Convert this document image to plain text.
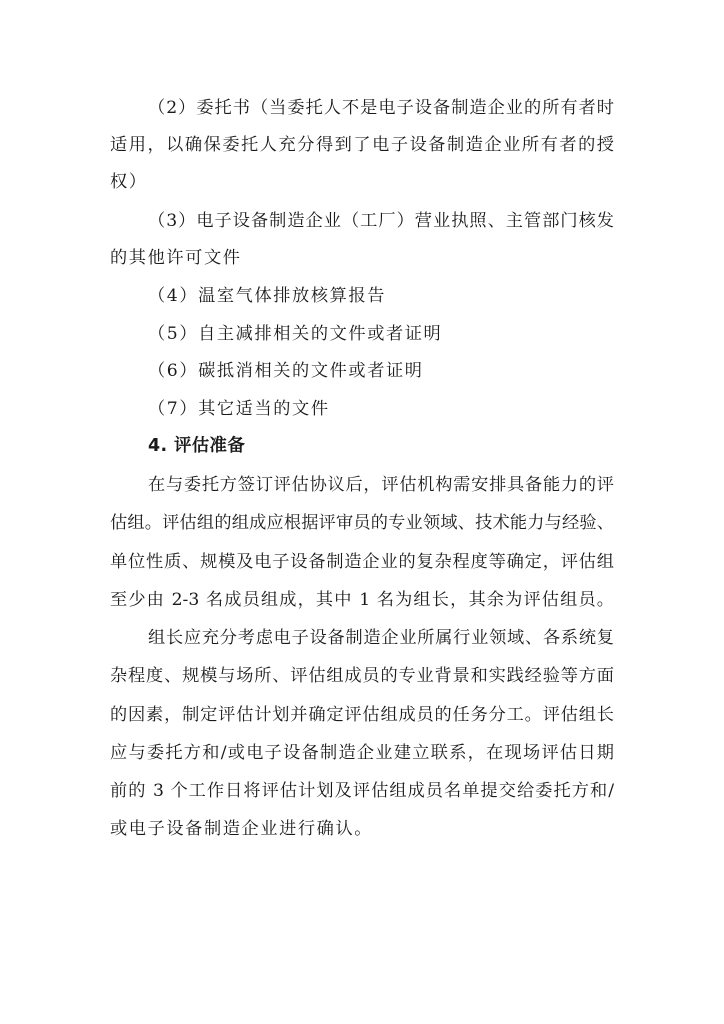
（2）委托书（当委托人不是电子设备制造企业的所有者时
适用，以确保委托人充分得到了电子设备制造企业所有者的授
权）
（3）电子设备制造企业（工厂）营业执照、主管部门核发
的其他许可文件
（4）温室气体排放核算报告
（5）自主减排相关的文件或者证明
（6）碳抵消相关的文件或者证明
（7）其它适当的文件
4. 评估准备
在与委托方签订评估协议后，评估机构需安排具备能力的评
估组。评估组的组成应根据评审员的专业领域、技术能力与经验、
单位性质、规模及电子设备制造企业的复杂程度等确定，评估组
至少由 2-3 名成员组成，其中 1 名为组长，其余为评估组员。
组长应充分考虑电子设备制造企业所属行业领域、各系统复
杂程度、规模与场所、评估组成员的专业背景和实践经验等方面
的因素，制定评估计划并确定评估组成员的任务分工。评估组长
应与委托方和/或电子设备制造企业建立联系，在现场评估日期
前的 3 个工作日将评估计划及评估组成员名单提交给委托方和/
或电子设备制造企业进行确认。
